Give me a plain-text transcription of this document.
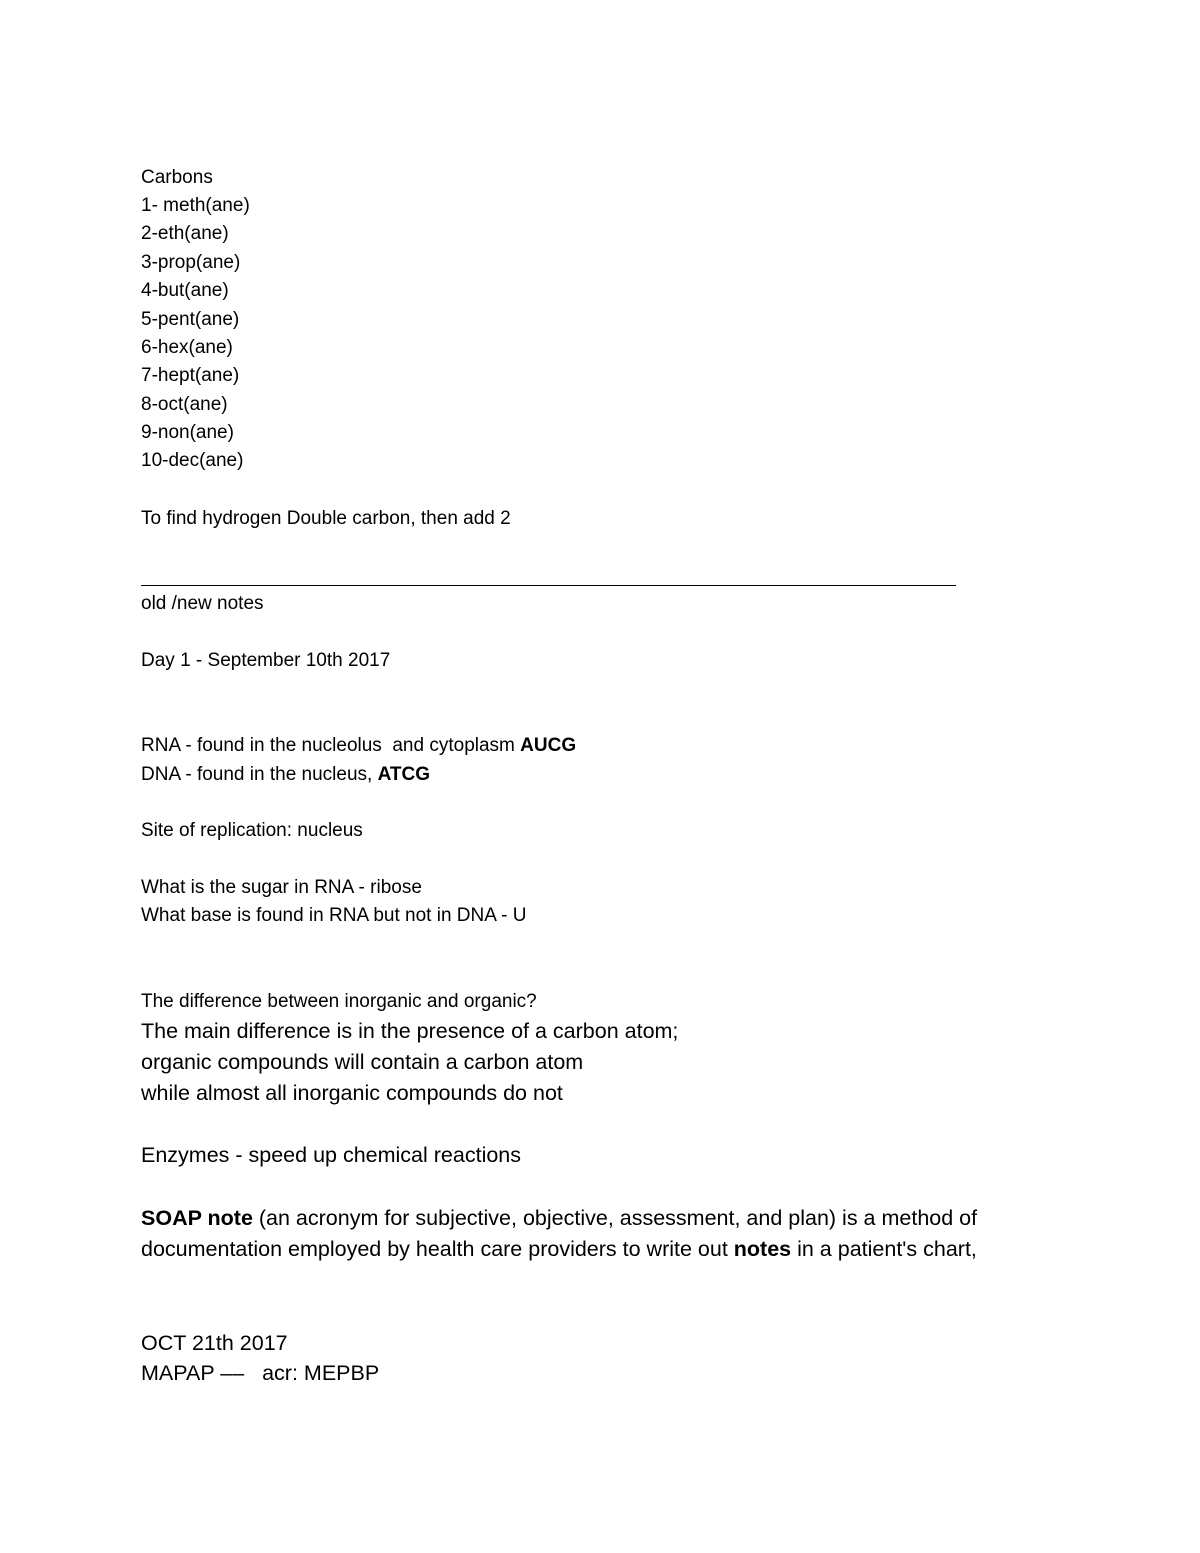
Carbons
1- meth(ane)
2-eth(ane)
3-prop(ane)
4-but(ane)
5-pent(ane)
6-hex(ane)
7-hept(ane)
8-oct(ane)
9-non(ane)
10-dec(ane)
To find hydrogen Double carbon, then add 2
old /new notes
Day 1 - September 10th 2017
RNA - found in the nucleolus  and cytoplasm AUCG
DNA - found in the nucleus, ATCG
Site of replication: nucleus
What is the sugar in RNA - ribose
What base is found in RNA but not in DNA - U
The difference between inorganic and organic?
The main difference is in the presence of a carbon atom;
organic compounds will contain a carbon atom
while almost all inorganic compounds do not
Enzymes - speed up chemical reactions
SOAP note (an acronym for subjective, objective, assessment, and plan) is a method of
documentation employed by health care providers to write out notes in a patient's chart,
OCT 21th 2017
MAPAP ––   acr: MEPBP
